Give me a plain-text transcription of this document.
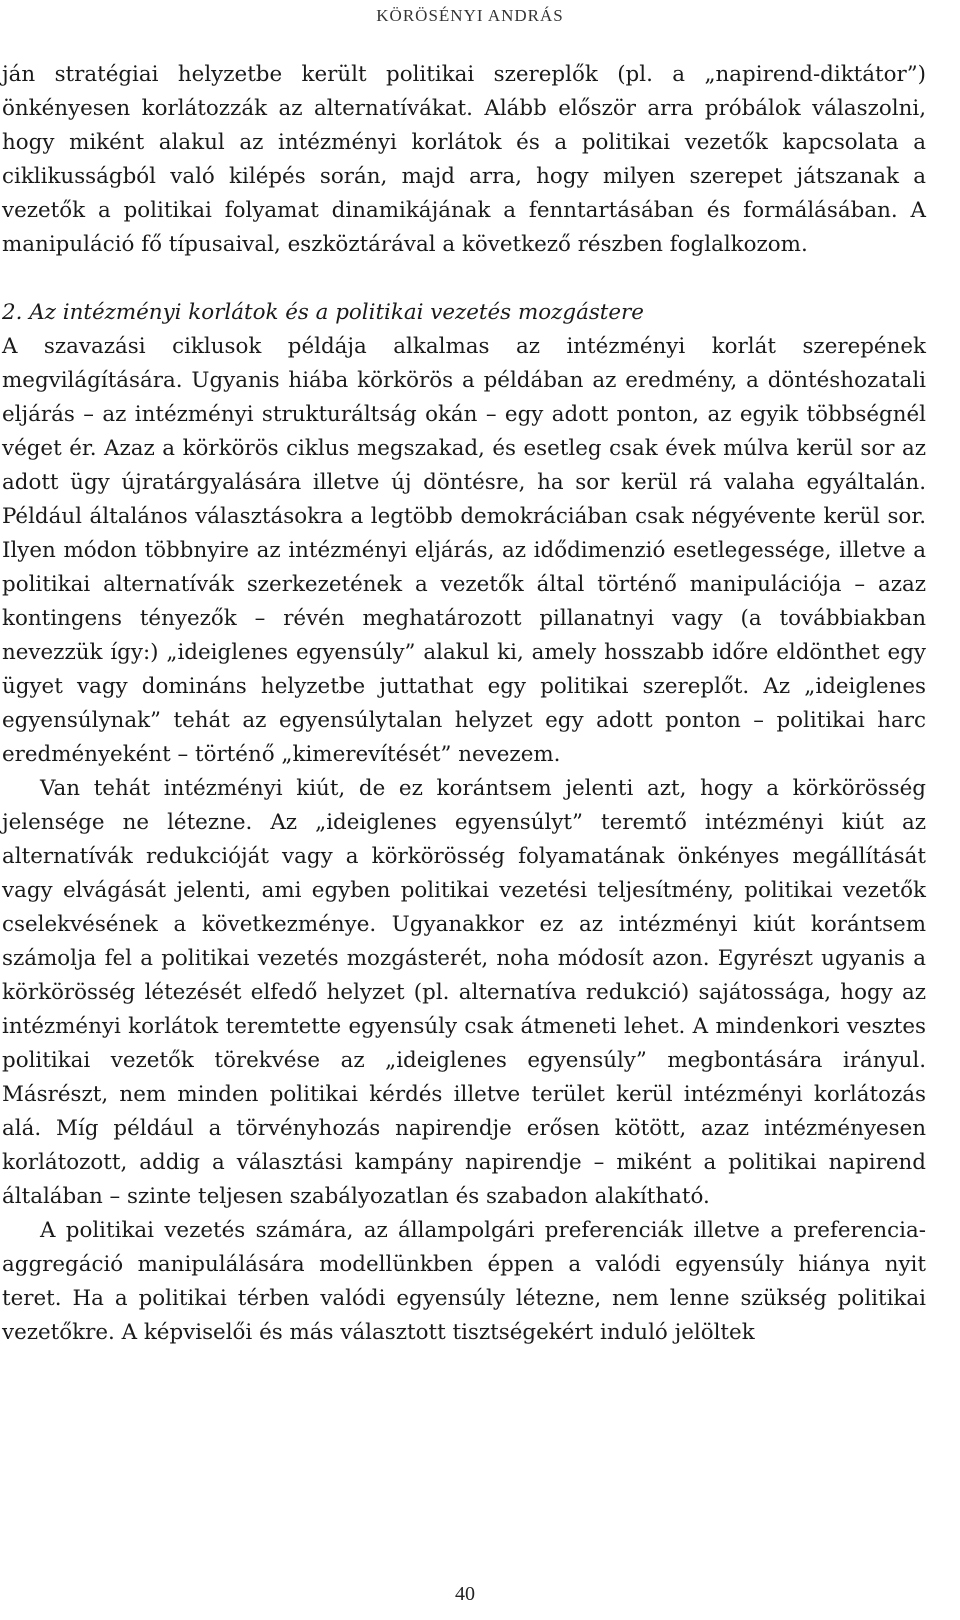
KÖRÖSÉNYI ANDRÁS

ján stratégiai helyzetbe került politikai szereplők (pl. a „napirend-diktátor”) önkényesen korlátozzák az alternatívákat. Alább először arra próbálok válaszolni, hogy miként alakul az intézményi korlátok és a politikai vezetők kapcsolata a ciklikusságból való kilépés során, majd arra, hogy milyen szerepet játszanak a vezetők a politikai folyamat dinamikájának a fenntartásában és formálásában. A manipuláció fő típusaival, eszköztárával a következő részben foglalkozom.

2. Az intézményi korlátok és a politikai vezetés mozgástere

A szavazási ciklusok példája alkalmas az intézményi korlát szerepének megvilágítására. Ugyanis hiába körkörös a példában az eredmény, a döntéshozatali eljárás – az intézményi strukturáltság okán – egy adott ponton, az egyik többségnél véget ér. Azaz a körkörös ciklus megszakad, és esetleg csak évek múlva kerül sor az adott ügy újratárgyalására illetve új döntésre, ha sor kerül rá valaha egyáltalán. Például általános választásokra a legtöbb demokráciában csak négyévente kerül sor. Ilyen módon többnyire az intézményi eljárás, az idődimenzió esetlegessége, illetve a politikai alternatívák szerkezetének a vezetők által történő manipulációja – azaz kontingens tényezők – révén meghatározott pillanatnyi vagy (a továbbiakban nevezzük így:) „ideiglenes egyensúly” alakul ki, amely hosszabb időre eldönthet egy ügyet vagy domináns helyzetbe juttathat egy politikai szereplőt. Az „ideiglenes egyensúlynak” tehát az egyensúlytalan helyzet egy adott ponton – politikai harc eredményeként – történő „kimerevítését” nevezem.

Van tehát intézményi kiút, de ez korántsem jelenti azt, hogy a körkörösség jelensége ne létezne. Az „ideiglenes egyensúlyt” teremtő intézményi kiút az alternatívák redukcióját vagy a körkörösség folyamatának önkényes megállítását vagy elvágását jelenti, ami egyben politikai vezetési teljesítmény, politikai vezetők cselekvésének a következménye. Ugyanakkor ez az intézményi kiút korántsem számolja fel a politikai vezetés mozgásterét, noha módosít azon. Egyrészt ugyanis a körkörösség létezését elfedő helyzet (pl. alternatíva redukció) sajátossága, hogy az intézményi korlátok teremtette egyensúly csak átmeneti lehet. A mindenkori vesztes politikai vezetők törekvése az „ideiglenes egyensúly” megbontására irányul. Másrészt, nem minden politikai kérdés illetve terület kerül intézményi korlátozás alá. Míg például a törvényhozás napirendje erősen kötött, azaz intézményesen korlátozott, addig a választási kampány napirendje – miként a politikai napirend általában – szinte teljesen szabályozatlan és szabadon alakítható.

A politikai vezetés számára, az állampolgári preferenciák illetve a preferencia-aggregáció manipulálására modellünkben éppen a valódi egyensúly hiánya nyit teret. Ha a politikai térben valódi egyensúly létezne, nem lenne szükség politikai vezetőkre. A képviselői és más választott tisztségekért induló jelöltek

40
